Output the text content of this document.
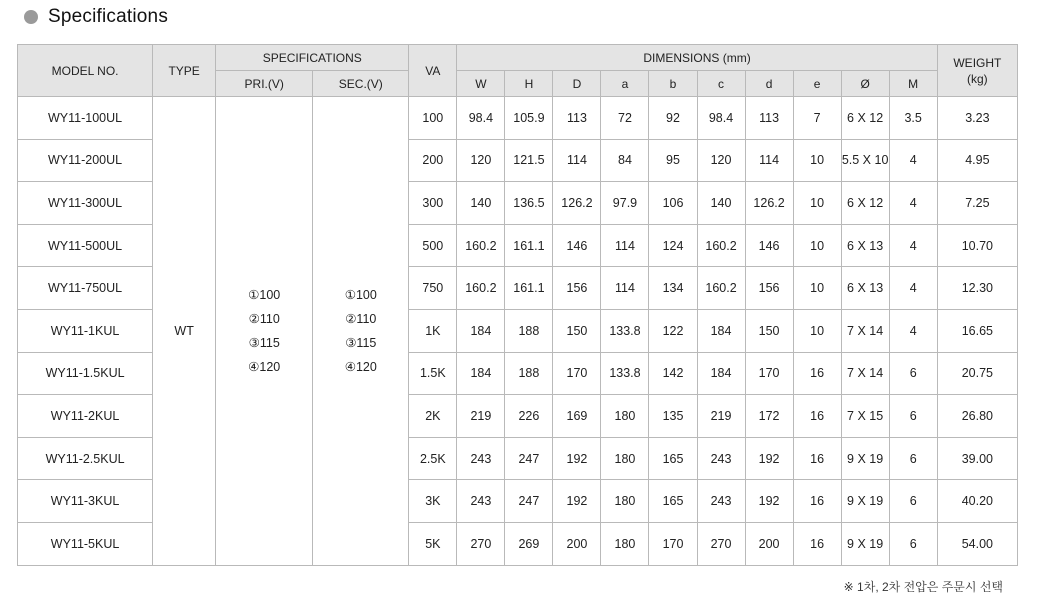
Specifications
MODEL NO.	TYPE	SPECIFICATIONS		VA	DIMENSIONS (mm)										WEIGHT
(kg)
		PRI.(V)	SEC.(V)		W	H	D	a	b	c	d	e	Ø	M	
WY11-100UL	WT	①100
②110
③115
④120	①100
②110
③115
④120	100	98.4	105.9	113	72	92	98.4	113	7	6 X 12	3.5	3.23
WY11-200UL				200	120	121.5	114	84	95	120	114	10	5.5 X 10	4	4.95
WY11-300UL				300	140	136.5	126.2	97.9	106	140	126.2	10	6 X 12	4	7.25
WY11-500UL				500	160.2	161.1	146	114	124	160.2	146	10	6 X 13	4	10.70
WY11-750UL				750	160.2	161.1	156	114	134	160.2	156	10	6 X 13	4	12.30
WY11-1KUL				1K	184	188	150	133.8	122	184	150	10	7 X 14	4	16.65
WY11-1.5KUL				1.5K	184	188	170	133.8	142	184	170	16	7 X 14	6	20.75
WY11-2KUL				2K	219	226	169	180	135	219	172	16	7 X 15	6	26.80
WY11-2.5KUL				2.5K	243	247	192	180	165	243	192	16	9 X 19	6	39.00
WY11-3KUL				3K	243	247	192	180	165	243	192	16	9 X 19	6	40.20
WY11-5KUL				5K	270	269	200	180	170	270	200	16	9 X 19	6	54.00
※ 1차, 2차 전압은 주문시 선택
